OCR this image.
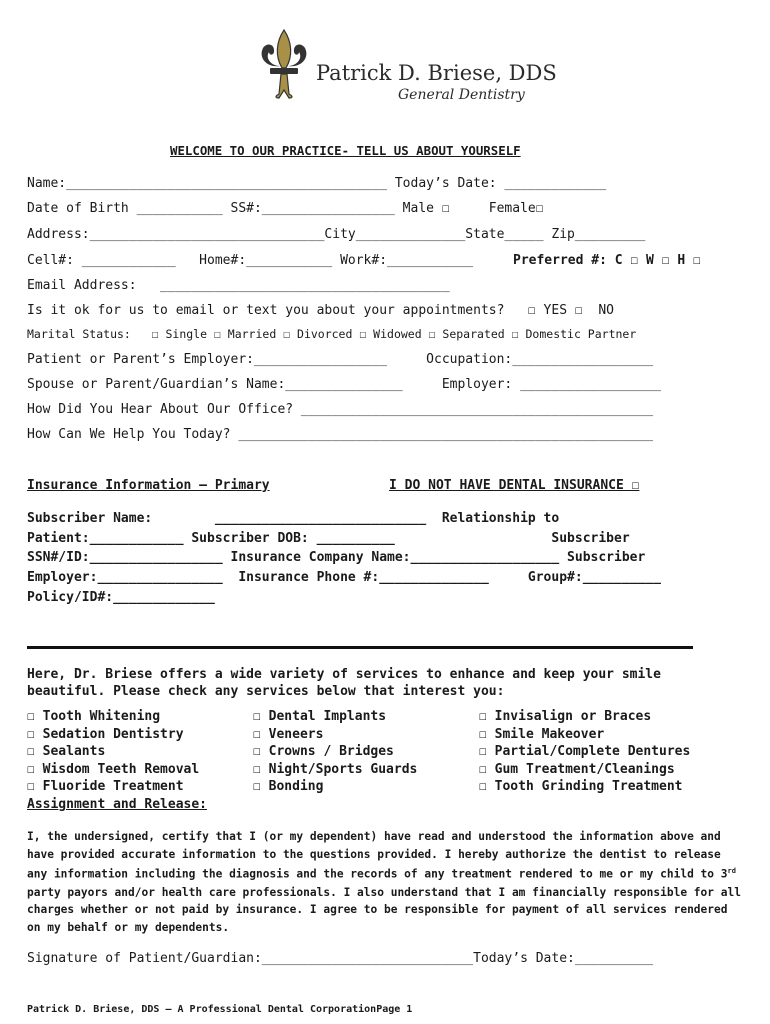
Patrick D. Briese, DDS
General Dentistry
WELCOME TO OUR PRACTICE- TELL US ABOUT YOURSELF
Name:_________________________________________ Today’s Date: _____________
Date of Birth ___________ SS#:_________________ Male ☐     Female☐
Address:______________________________City______________State_____ Zip_________
Cell#: ____________   Home#:___________ Work#:___________ Preferred #: C ☐ W ☐ H ☐
Email Address:   _____________________________________
Is it ok for us to email or text you about your appointments?   ☐ YES ☐  NO
Marital Status:   ☐ Single ☐ Married ☐ Divorced ☐ Widowed ☐ Separated ☐ Domestic Partner
Patient or Parent’s Employer:_________________     Occupation:__________________
Spouse or Parent/Guardian’s Name:_______________     Employer: __________________
How Did You Hear About Our Office? _____________________________________________
How Can We Help You Today? _____________________________________________________
Insurance Information – Primary	I DO NOT HAVE DENTAL INSURANCE ☐
Subscriber Name:        ___________________________  Relationship to
Patient:____________ Subscriber DOB: __________                    Subscriber
SSN#/ID:_________________ Insurance Company Name:___________________ Subscriber
Employer:________________  Insurance Phone #:______________     Group#:__________
Policy/ID#:_____________
Here, Dr. Briese offers a wide variety of services to enhance and keep your smile
beautiful. Please check any services below that interest you:
☐ Tooth Whitening
☐ Sedation Dentistry
☐ Sealants
☐ Wisdom Teeth Removal
☐ Fluoride Treatment
☐ Dental Implants
☐ Veneers
☐ Crowns / Bridges
☐ Night/Sports Guards
☐ Bonding
☐ Invisalign or Braces
☐ Smile Makeover
☐ Partial/Complete Dentures
☐ Gum Treatment/Cleanings
☐ Tooth Grinding Treatment
Assignment and Release:
I, the undersigned, certify that I (or my dependent) have read and understood the information above and have provided accurate information to the questions provided. I hereby authorize the dentist to release any information including the diagnosis and the records of any treatment rendered to me or my child to 3rd party payors and/or health care professionals. I also understand that I am financially responsible for all charges whether or not paid by insurance. I agree to be responsible for payment of all services rendered on my behalf or my dependents.
Signature of Patient/Guardian:___________________________Today’s Date:__________
Patrick D. Briese, DDS – A Professional Dental CorporationPage 1
